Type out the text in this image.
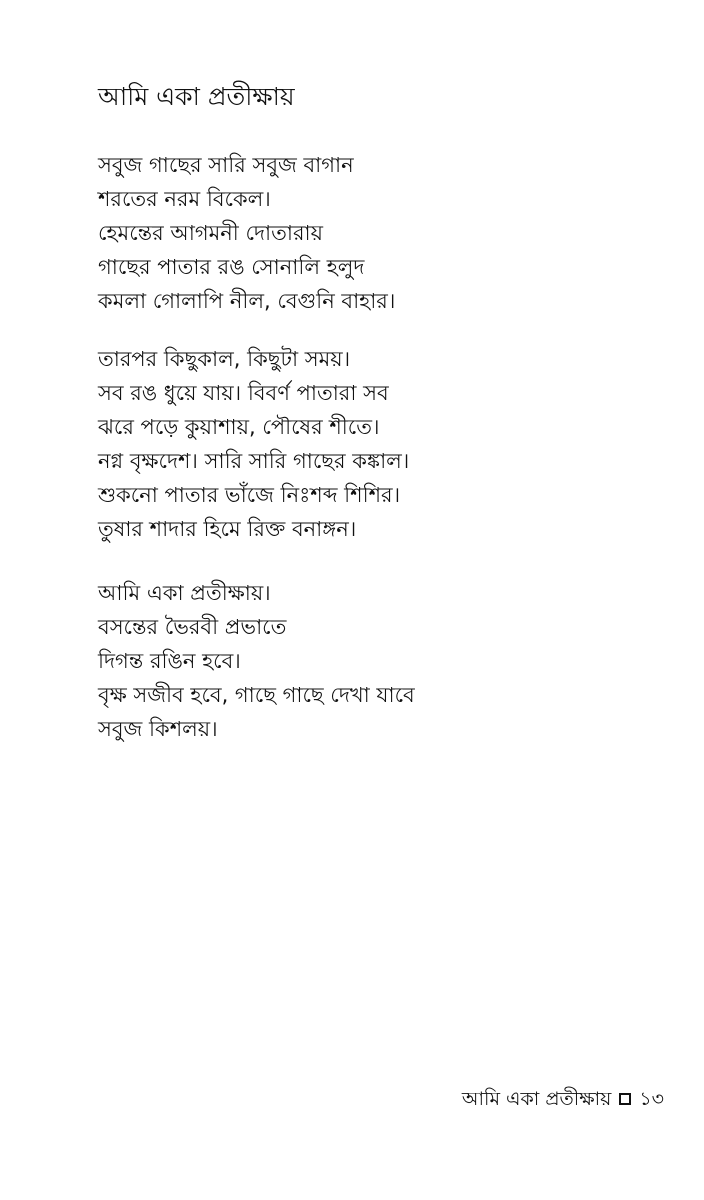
আমি একা প্রতীক্ষায়
সবুজ গাছের সারি সবুজ বাগান
শরতের নরম বিকেল।
হেমন্তের আগমনী দোতারায়
গাছের পাতার রঙ সোনালি হলুদ
কমলা গোলাপি নীল, বেগুনি বাহার।
তারপর কিছুকাল, কিছুটা সময়।
সব রঙ ধুয়ে যায়। বিবর্ণ পাতারা সব
ঝরে পড়ে কুয়াশায়, পৌষের শীতে।
নগ্ন বৃক্ষদেশ। সারি সারি গাছের কঙ্কাল।
শুকনো পাতার ভাঁজে নিঃশব্দ শিশির।
তুষার শাদার হিমে রিক্ত বনাঙ্গন।
আমি একা প্রতীক্ষায়।
বসন্তের ভৈরবী প্রভাতে
দিগন্ত রঙিন হবে।
বৃক্ষ সজীব হবে, গাছে গাছে দেখা যাবে
সবুজ কিশলয়।
আমি একা প্রতীক্ষায় ১৩
